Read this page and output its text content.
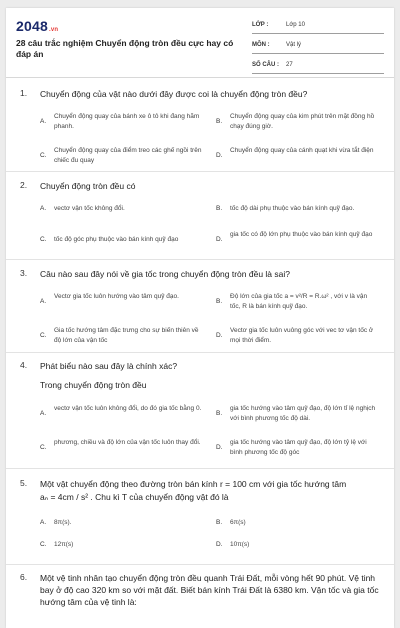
2048.vn
28 câu trắc nghiệm Chuyển động tròn đều cực hay có đáp án
LỚP :	Lớp 10
MÔN :	Vật lý
SỐ CÂU : 27
1. Chuyển động của vật nào dưới đây được coi là chuyển động tròn đều?
A.
Chuyển động quay của bánh xe ô tô khi đang hãm phanh.
B.
Chuyển động quay của kim phút trên mặt đồng hồ chạy đúng giờ.
C.
Chuyển động quay của điểm treo các ghế ngồi trên chiếc đu quay
D.
Chuyển động quay của cánh quạt khi vừa tắt điện
2. Chuyển động tròn đều có
A. vectơ vận tốc không đổi.	B. tốc độ dài phụ thuộc vào bán kính quỹ đạo.
C. tốc độ góc phụ thuộc vào bán kính quỹ đạo	D.
gia tốc có độ lớn phụ thuộc vào bán kính quỹ đạo
3. Câu nào sau đây nói về gia tốc trong chuyển động tròn đều là sai?
A.
Vectơ gia tốc luôn hướng vào tâm quỹ đạo.
B.
Độ lớn của gia tốc a = v²/R = R.ω² , với v là vận tốc, R là bán kính quỹ đạo.
C.
Gia tốc hướng tâm đặc trưng cho sự biến thiên về độ lớn của vận tốc
D.
Vectơ gia tốc luôn vuông góc với vec tơ vận tốc ở mọi thời điểm.
4. Phát biểu nào sau đây là chính xác?
Trong chuyển động tròn đều
A.
vectơ vận tốc luôn không đổi, do đó gia tốc bằng 0.
B.
gia tốc hướng vào tâm quỹ đạo, độ lớn tỉ lệ nghịch với bình phương tốc độ dài.
C.
phương, chiều và độ lớn của vận tốc luôn thay đổi.
D.
gia tốc hướng vào tâm quỹ đạo, độ lớn tỷ lệ với bình phương tốc độ góc
5. Một vật chuyển động theo đường tròn bán kính r = 100 cm với gia tốc hướng tâm
aₙ = 4cm / s² . Chu kì T của chuyển động vật đó là
A. 8π(s).	B. 6π(s)
C. 12π(s)	D. 10π(s)
6. Một vệ tinh nhân tạo chuyển động tròn đều quanh Trái Đất, mỗi vòng hết 90 phút. Vệ tinh bay ở độ cao 320 km so với mặt đất. Biết bán kính Trái Đất là 6380 km. Vận tốc và gia tốc hướng tâm của vệ tinh là:
